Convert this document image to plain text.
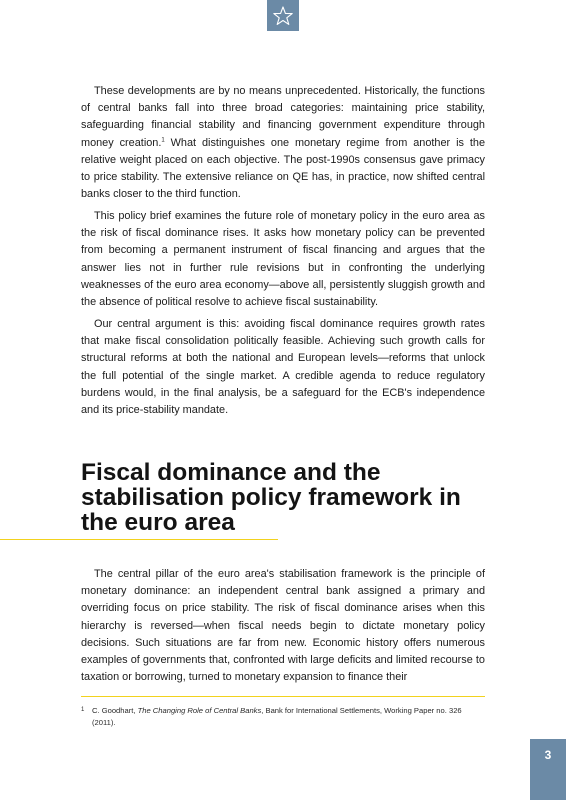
These developments are by no means unprecedented. Historically, the functions of central banks fall into three broad categories: maintaining price stability, safeguarding financial stability and financing government expenditure through money creation.$^1$ What distinguishes one monetary regime from another is the relative weight placed on each objective. The post-1990s consensus gave primacy to price stability. The extensive reliance on QE has, in practice, now shifted central banks closer to the third function.

This policy brief examines the future role of monetary policy in the euro area as the risk of fiscal dominance rises. It asks how monetary policy can be prevented from becoming a permanent instrument of fiscal financing and argues that the answer lies not in further rule revisions but in confronting the underlying weaknesses of the euro area economy—above all, persistently sluggish growth and the absence of political resolve to achieve fiscal sustainability.

Our central argument is this: avoiding fiscal dominance requires growth rates that make fiscal consolidation politically feasible. Achieving such growth calls for structural reforms at both the national and European levels—reforms that unlock the full potential of the single market. A credible agenda to reduce regulatory burdens would, in the final analysis, be a safeguard for the ECB's independence and its price-stability mandate.

Fiscal dominance and the stabilisation policy framework in the euro area

The central pillar of the euro area's stabilisation framework is the principle of monetary dominance: an independent central bank assigned a primary and overriding focus on price stability. The risk of fiscal dominance arises when this hierarchy is reversed—when fiscal needs begin to dictate monetary policy decisions. Such situations are far from new. Economic history offers numerous examples of governments that, confronted with large deficits and limited recourse to taxation or borrowing, turned to monetary expansion to finance their

1	C. Goodhart, The Changing Role of Central Banks, Bank for International Settlements, Working Paper no. 326 (2011).
3
